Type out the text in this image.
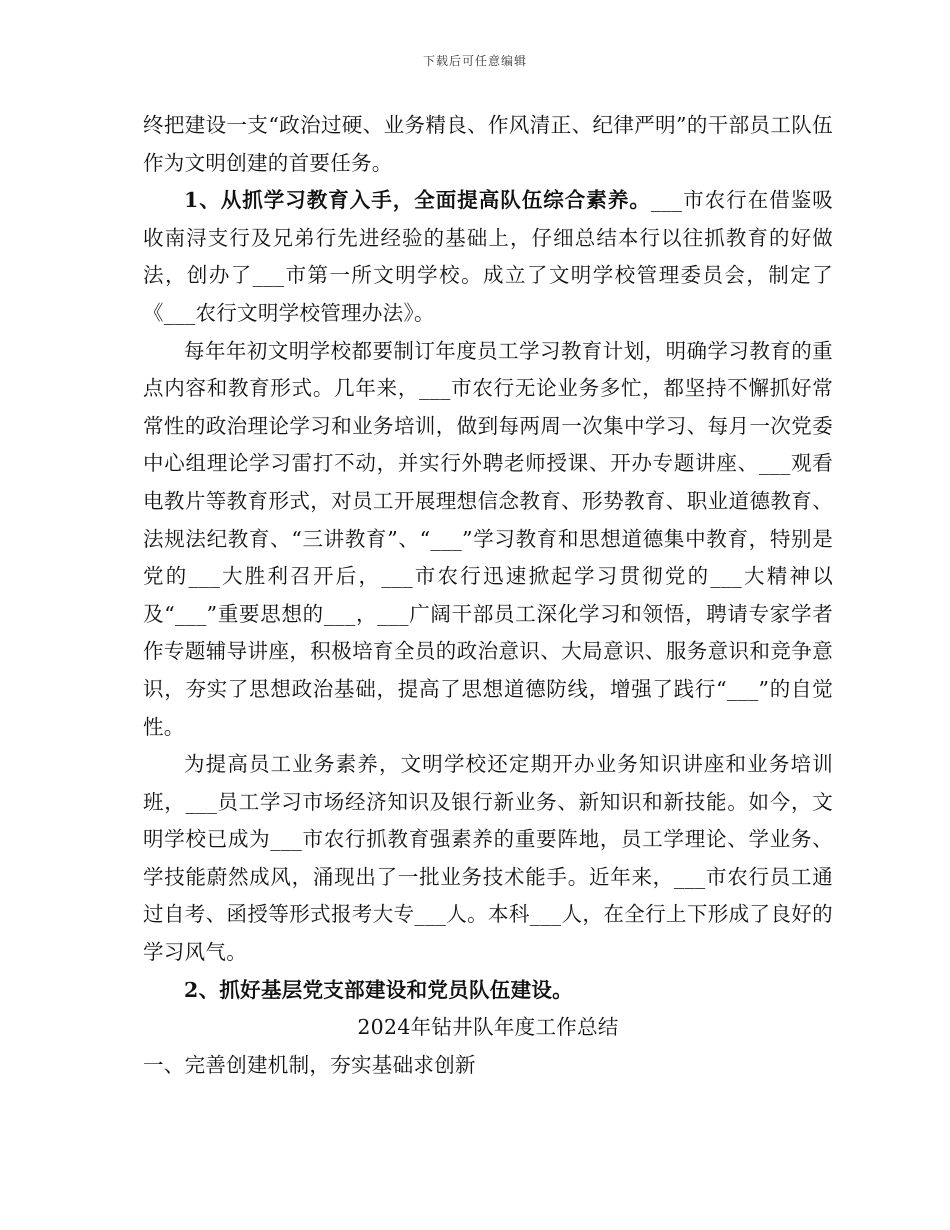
下载后可任意编辑

终把建设一支“政治过硬、业务精良、作风清正、纪律严明”的干部员工队伍作为文明创建的首要任务。

1、从抓学习教育入手，全面提高队伍综合素养。___市农行在借鉴吸收南浔支行及兄弟行先进经验的基础上，仔细总结本行以往抓教育的好做法，创办了___市第一所文明学校。成立了文明学校管理委员会，制定了《___农行文明学校管理办法》。

每年年初文明学校都要制订年度员工学习教育计划，明确学习教育的重点内容和教育形式。几年来，___市农行无论业务多忙，都坚持不懈抓好常常性的政治理论学习和业务培训，做到每两周一次集中学习、每月一次党委中心组理论学习雷打不动，并实行外聘老师授课、开办专题讲座、___观看电教片等教育形式，对员工开展理想信念教育、形势教育、职业道德教育、法规法纪教育、“三讲教育”、“___”学习教育和思想道德集中教育，特别是党的___大胜利召开后，___市农行迅速掀起学习贯彻党的___大精神以及“___”重要思想的___，___广阔干部员工深化学习和领悟，聘请专家学者作专题辅导讲座，积极培育全员的政治意识、大局意识、服务意识和竞争意识，夯实了思想政治基础，提高了思想道德防线，增强了践行“___”的自觉性。

为提高员工业务素养，文明学校还定期开办业务知识讲座和业务培训班，___员工学习市场经济知识及银行新业务、新知识和新技能。如今，文明学校已成为___市农行抓教育强素养的重要阵地，员工学理论、学业务、学技能蔚然成风，涌现出了一批业务技术能手。近年来，___市农行员工通过自考、函授等形式报考大专___人。本科___人，在全行上下形成了良好的学习风气。

2、抓好基层党支部建设和党员队伍建设。

2024年钻井队年度工作总结

一、完善创建机制，夯实基础求创新
